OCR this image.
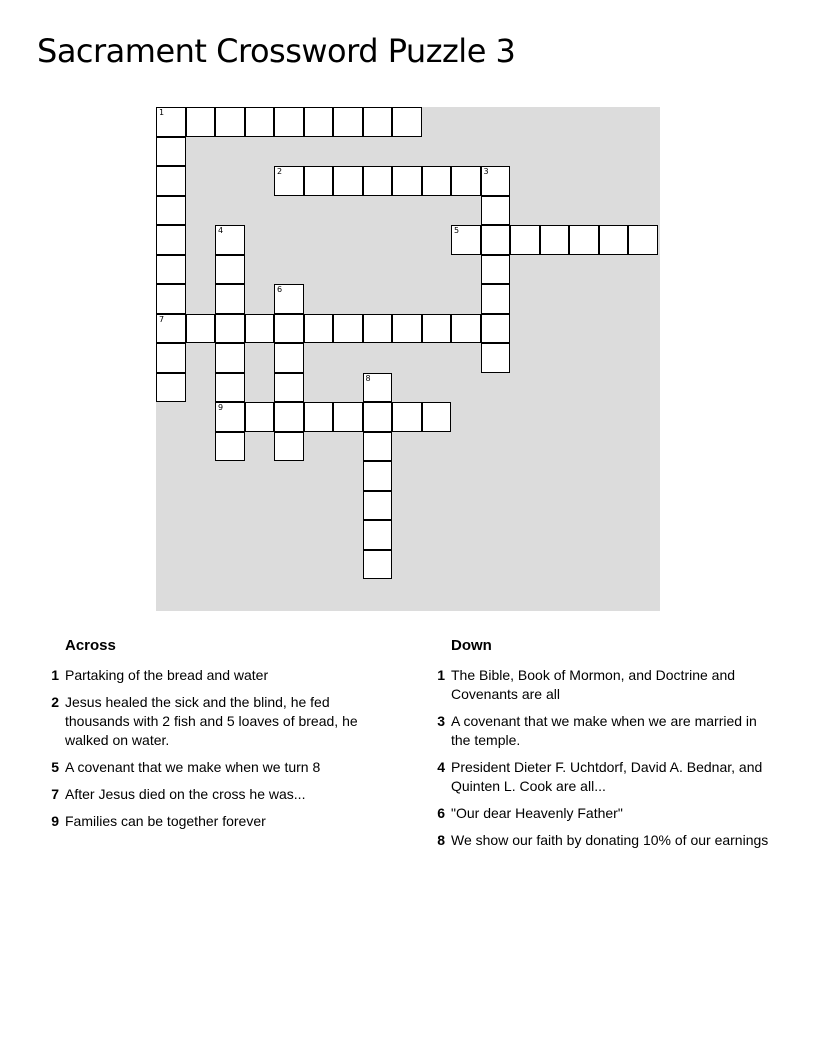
Sacrament Crossword Puzzle 3
1
7
2	3
4
9
5
6
8
Across
1 Partaking of the bread and water
2 Jesus healed the sick and the blind, he fed thousands with 2 fish and 5 loaves of bread, he walked on water.
5 A covenant that we make when we turn 8
7 After Jesus died on the cross he was...
9 Families can be together forever
Down
1 The Bible, Book of Mormon, and Doctrine and Covenants are all
3 A covenant that we make when we are married in the temple.
4 President Dieter F. Uchtdorf, David A. Bednar, and Quinten L. Cook are all...
6 "Our dear Heavenly Father"
8 We show our faith by donating 10% of our earnings
